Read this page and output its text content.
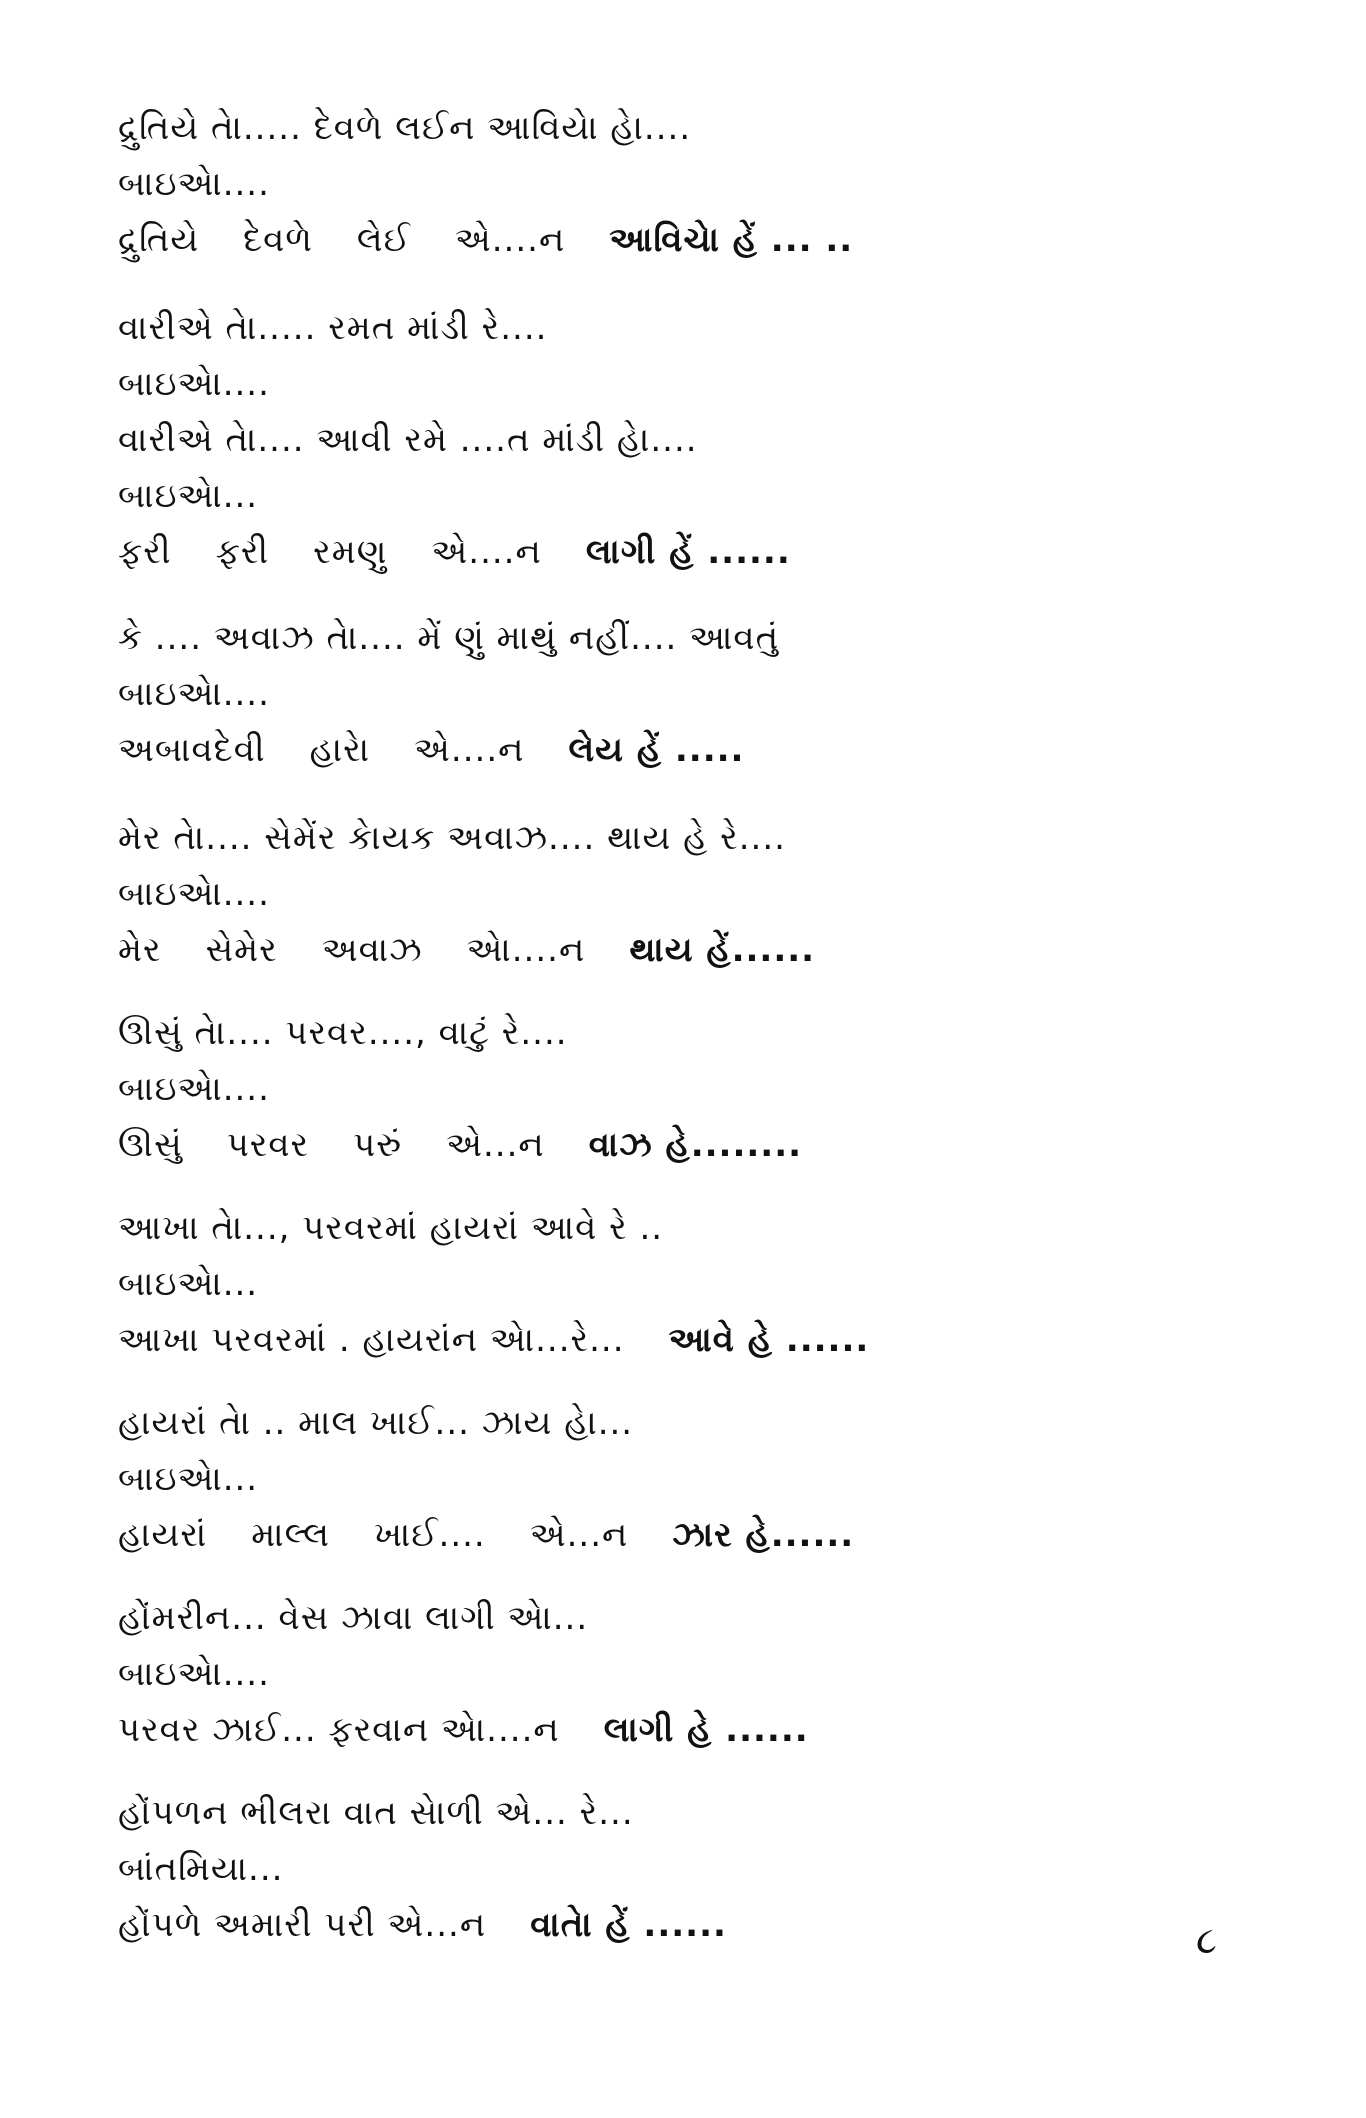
દ્રુતિયે તેા..... દેવળે લઈન આવિયેા હેા....
બાઇએા....
દ્રુતિયે દેવળે લેઈ એ....ન આવિચેા હેં ... ..
વારીએ તેા..... રમત માંડી રે....
બાઇએા....
વારીએ તેા.... આવી રમે ....ત માંડી હેા....
બાઇએા...
ફરી ફરી રમણુ એ....ન લાગી હેં ......
કે .... અવાઝ તેા.... મેં ણું માથું નહીં.... આવતું
બાઇએા....
અબાવદેવી હારેા એ....ન લેય હેં .....
મેર તેા.... સેમેંર કેાયક અવાઝ.... થાય હે રે....
બાઇએા....
મેર સેમેર અવાઝ એા....ન થાય હેં......
ઊસું તેા.... પરવર...., વાટું રે....
બાઇએા....
ઊસું પરવર પરું એ...ન વાઝ હે........
આખા તેા..., પરવરમાં હાયરાં આવે રે ..
બાઇએા...
આખા પરવરમાં . હાયરાંન એા...રે... આવે હે ......
હાયરાં તેા .. માલ ખાઈ... ઝાય હેા...
બાઇએા...
હાયરાં માલ્લ ખાઈ.... એ...ન ઝાર હે......
હોંમરીન... વેસ ઝાવા લાગી એા...
બાઇએા....
પરવર ઝાઈ... ફરવાન એા....ન લાગી હે ......
હોંપળન ભીલરા વાત સેાળી એ... રે...
બાંતમિયા...
હોંપળે અમારી પરી એ...ન વાતેા હેં ......	૮
